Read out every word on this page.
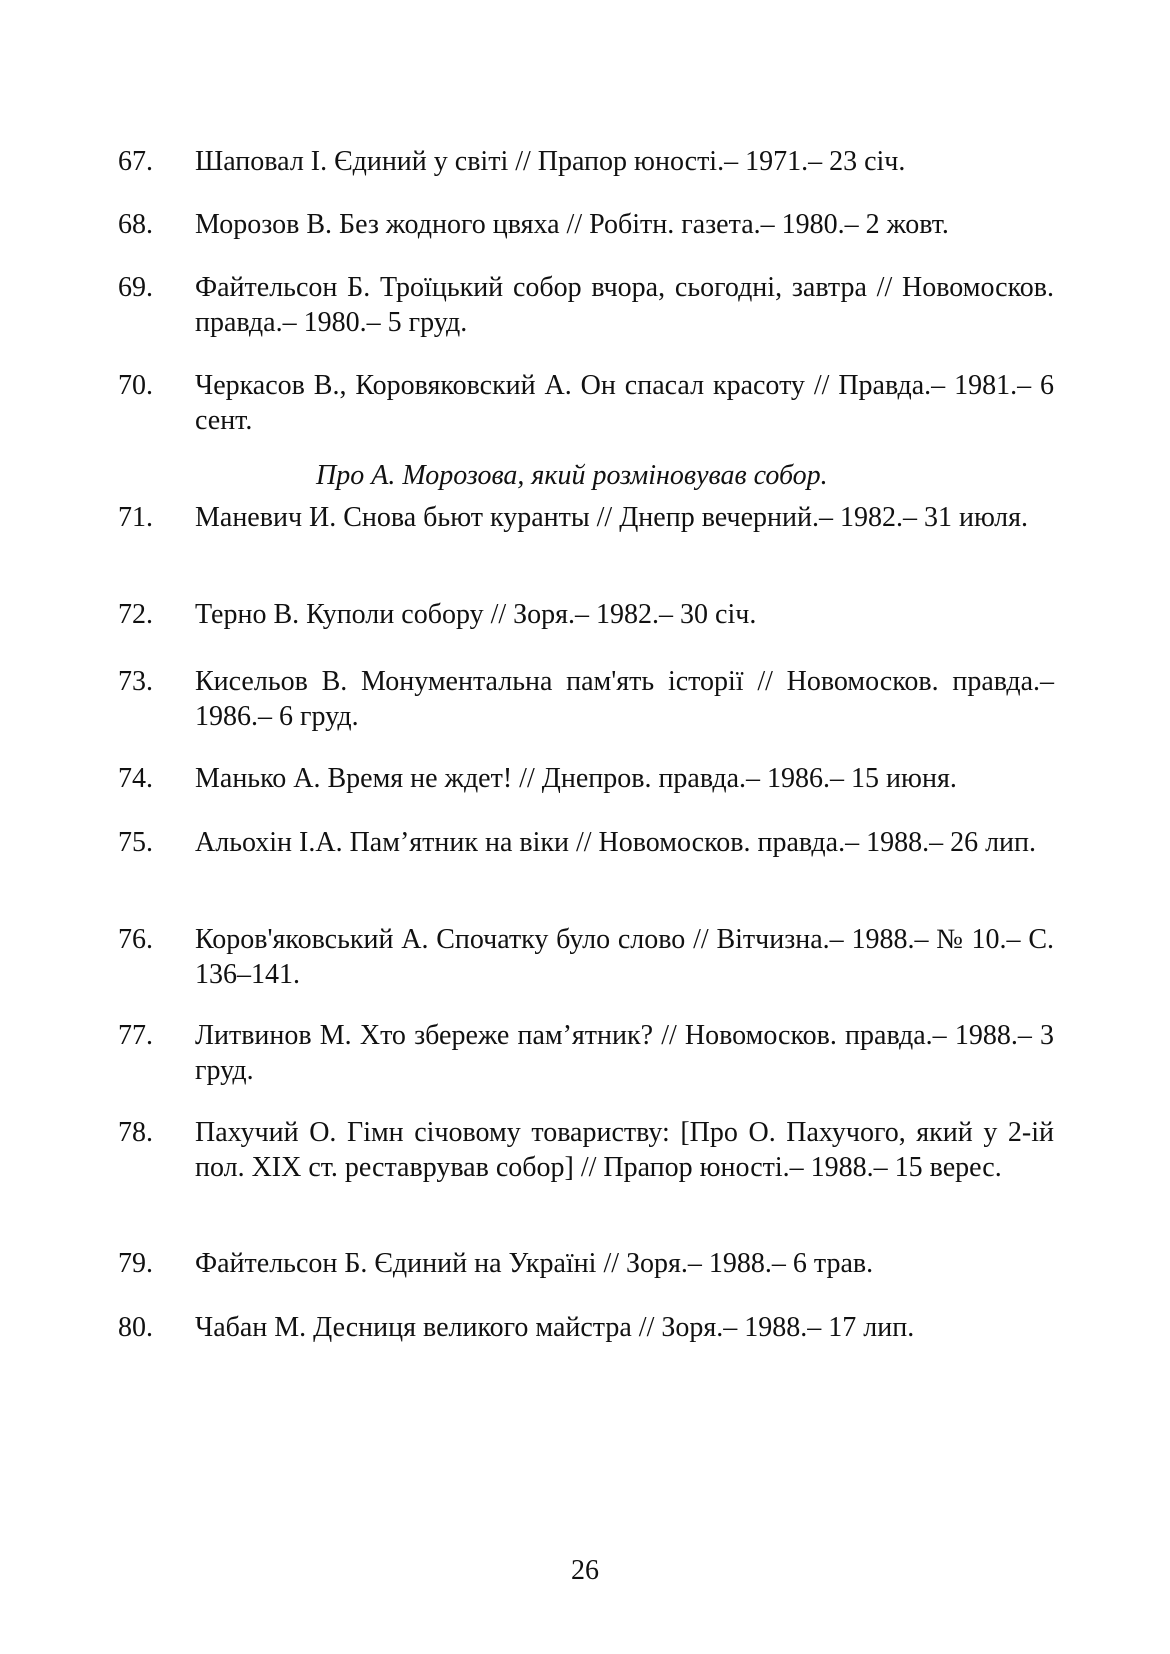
67.	Шаповал І. Єдиний у світі // Прапор юності.– 1971.– 23 січ.
68.	Морозов В. Без жодного цвяха // Робітн. газета.– 1980.– 2 жовт.
69.	Файтельсон Б. Троїцький собор вчора, сьогодні, завтра // Новомосков. правда.– 1980.– 5 груд.
70.	Черкасов В., Коровяковский А. Он спасал красоту // Правда.– 1981.– 6 сент.
Про А. Морозова, який розміновував собор.
71.	Маневич И. Снова бьют куранты // Днепр вечерний.– 1982.– 31 июля.
72.	Терно В. Куполи собору // Зоря.– 1982.– 30 січ.
73.	Кисельов В. Монументальна пам'ять історії // Новомосков. правда.– 1986.– 6 груд.
74.	Манько А. Время не ждет! // Днепров. правда.– 1986.– 15 июня.
75.	Альохін І.А. Пам’ятник на віки // Новомосков. правда.– 1988.– 26 лип.
76.	Коров'яковський А. Спочатку було слово // Вітчизна.– 1988.– № 10.– С. 136–141.
77.	Литвинов М. Хто збереже пам’ятник? // Новомосков. правда.– 1988.– 3 груд.
78.	Пахучий О. Гімн січовому товариству: [Про О. Пахучого, який у 2-ій пол. ХІХ ст. реставрував собор] // Прапор юності.– 1988.– 15 верес.
79.	Файтельсон Б. Єдиний на Україні // Зоря.– 1988.– 6 трав.
80.	Чабан М. Десниця великого майстра // Зоря.– 1988.– 17 лип.
26
